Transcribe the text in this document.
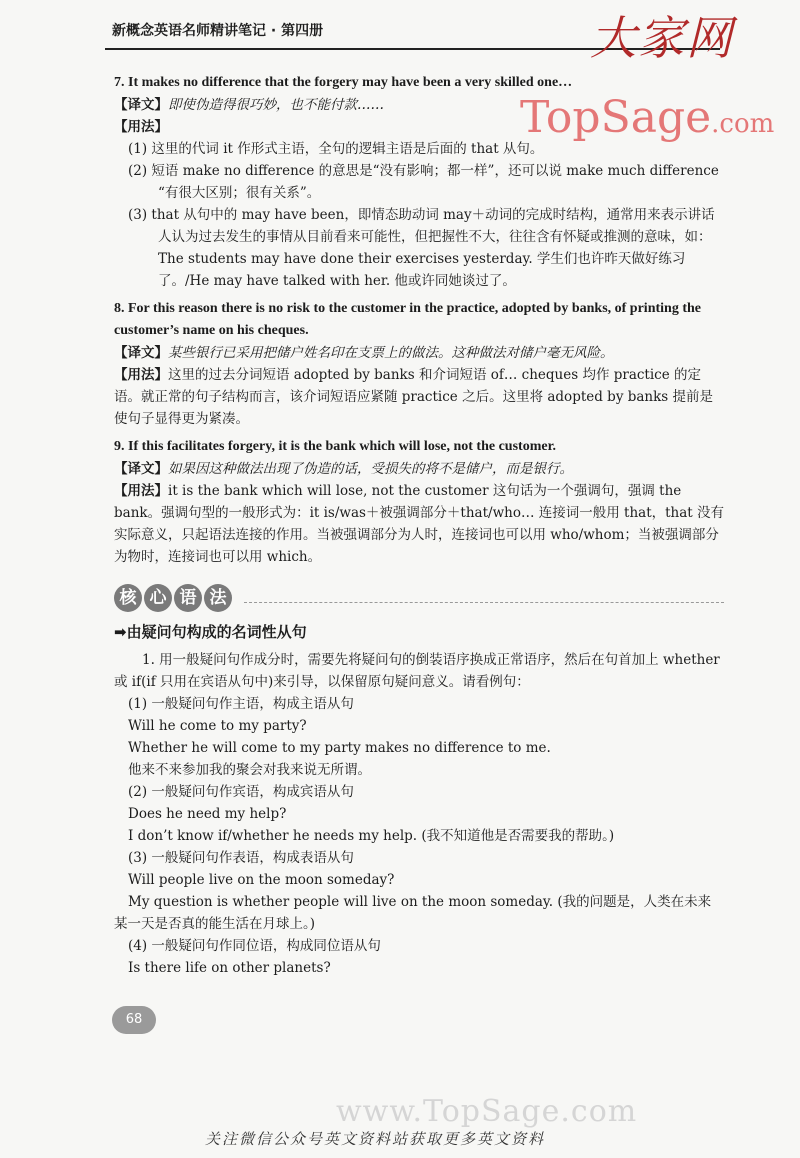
新概念英语名师精讲笔记 · 第四册	大家网
TopSage.com

7. It makes no difference that the forgery may have been a very skilled one…

【译文】即使伪造得很巧妙，也不能付款……

【用法】

(1) 这里的代词 it 作形式主语，全句的逻辑主语是后面的 that 从句。

(2) 短语 make no difference 的意思是“没有影响；都一样”，还可以说 make much difference “有很大区别；很有关系”。

(3) that 从句中的 may have been，即情态助动词 may＋动词的完成时结构，通常用来表示讲话人认为过去发生的事情从目前看来可能性，但把握性不大，往往含有怀疑或推测的意味，如：The students may have done their exercises yesterday. 学生们也许昨天做好练习了。/He may have talked with her. 他或许同她谈过了。

8. For this reason there is no risk to the customer in the practice, adopted by banks, of printing the customer’s name on his cheques.

【译文】某些银行已采用把储户姓名印在支票上的做法。这种做法对储户毫无风险。

【用法】这里的过去分词短语 adopted by banks 和介词短语 of… cheques 均作 practice 的定语。就正常的句子结构而言，该介词短语应紧随 practice 之后。这里将 adopted by banks 提前是使句子显得更为紧凑。

9. If this facilitates forgery, it is the bank which will lose, not the customer.

【译文】如果因这种做法出现了伪造的话，受损失的将不是储户，而是银行。

【用法】it is the bank which will lose, not the customer 这句话为一个强调句，强调 the bank。强调句型的一般形式为：it is/was＋被强调部分＋that/who… 连接词一般用 that，that 没有实际意义，只起语法连接的作用。当被强调部分为人时，连接词也可以用 who/whom；当被强调部分为物时，连接词也可以用 which。

核 心 语 法

➡由疑问句构成的名词性从句

1. 用一般疑问句作成分时，需要先将疑问句的倒装语序换成正常语序，然后在句首加上 whether 或 if(if 只用在宾语从句中)来引导，以保留原句疑问意义。请看例句：

(1) 一般疑问句作主语，构成主语从句

Will he come to my party?

Whether he will come to my party makes no difference to me.

他来不来参加我的聚会对我来说无所谓。

(2) 一般疑问句作宾语，构成宾语从句

Does he need my help?

I don’t know if/whether he needs my help. (我不知道他是否需要我的帮助。)

(3) 一般疑问句作表语，构成表语从句

Will people live on the moon someday?

My question is whether people will live on the moon someday. (我的问题是，人类在未来某一天是否真的能生活在月球上。)

(4) 一般疑问句作同位语，构成同位语从句

Is there life on other planets?

68
www.TopSage.com
关注微信公众号英文资料站获取更多英文资料
